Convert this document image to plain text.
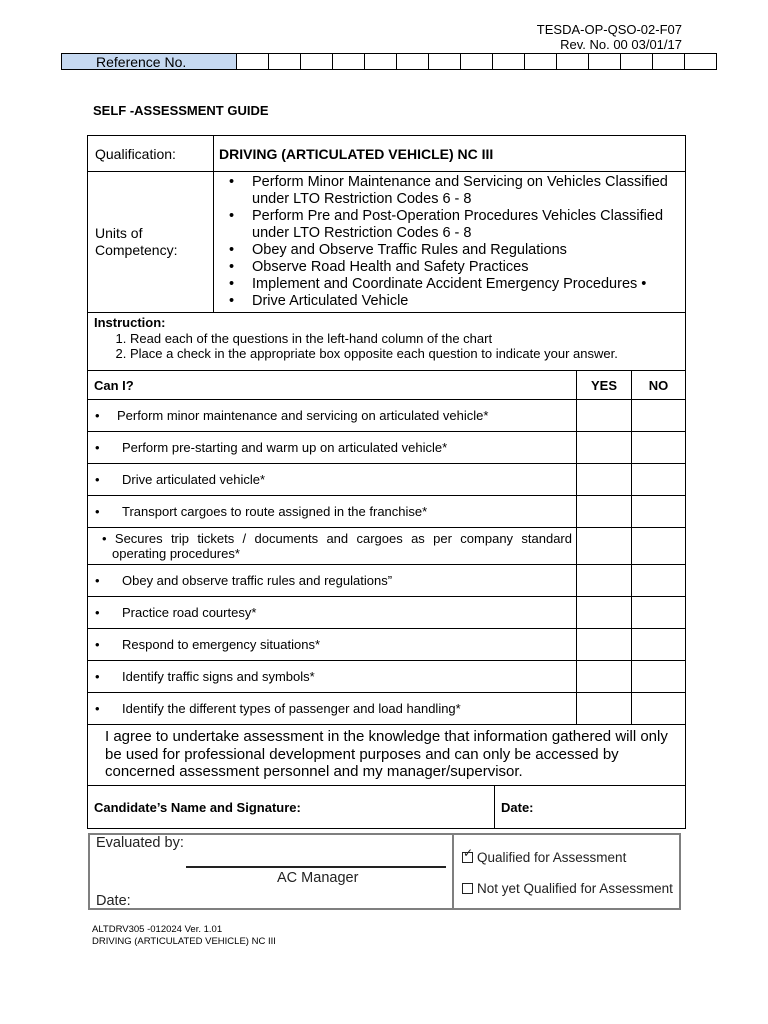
TESDA-OP-QSO-02-F07
Rev. No. 00 03/01/17
Reference No.
SELF -ASSESSMENT GUIDE
Qualification:	DRIVING (ARTICULATED VEHICLE) NC III
Units of Competency:
• Perform Minor Maintenance and Servicing on Vehicles Classified under LTO Restriction Codes 6 - 8
• Perform Pre and Post-Operation Procedures Vehicles Classified under LTO Restriction Codes 6 - 8
• Obey and Observe Traffic Rules and Regulations
• Observe Road Health and Safety Practices
• Implement and Coordinate Accident Emergency Procedures •
• Drive Articulated Vehicle
Instruction:
1. Read each of the questions in the left-hand column of the chart
2. Place a check in the appropriate box opposite each question to indicate your answer.
Can I?	YES	NO
•	Perform minor maintenance and servicing on articulated vehicle*
•	Perform pre-starting and warm up on articulated vehicle*
•	Drive articulated vehicle*
•	Transport cargoes to route assigned in the franchise*
• Secures trip tickets / documents and cargoes as per company standard operating procedures*
•	Obey and observe traffic rules and regulations”
•	Practice road courtesy*
•	Respond to emergency situations*
•	Identify traffic signs and symbols*
•	Identify the different types of passenger and load handling*
I agree to undertake assessment in the knowledge that information gathered will only be used for professional development purposes and can only be accessed by concerned assessment personnel and my manager/supervisor.
Candidate’s Name and Signature:	Date:
Evaluated by:
AC Manager
Date:
✓
Qualified for Assessment
Not yet Qualified for Assessment
ALTDRV305 -012024 Ver. 1.01
DRIVING (ARTICULATED VEHICLE) NC III
